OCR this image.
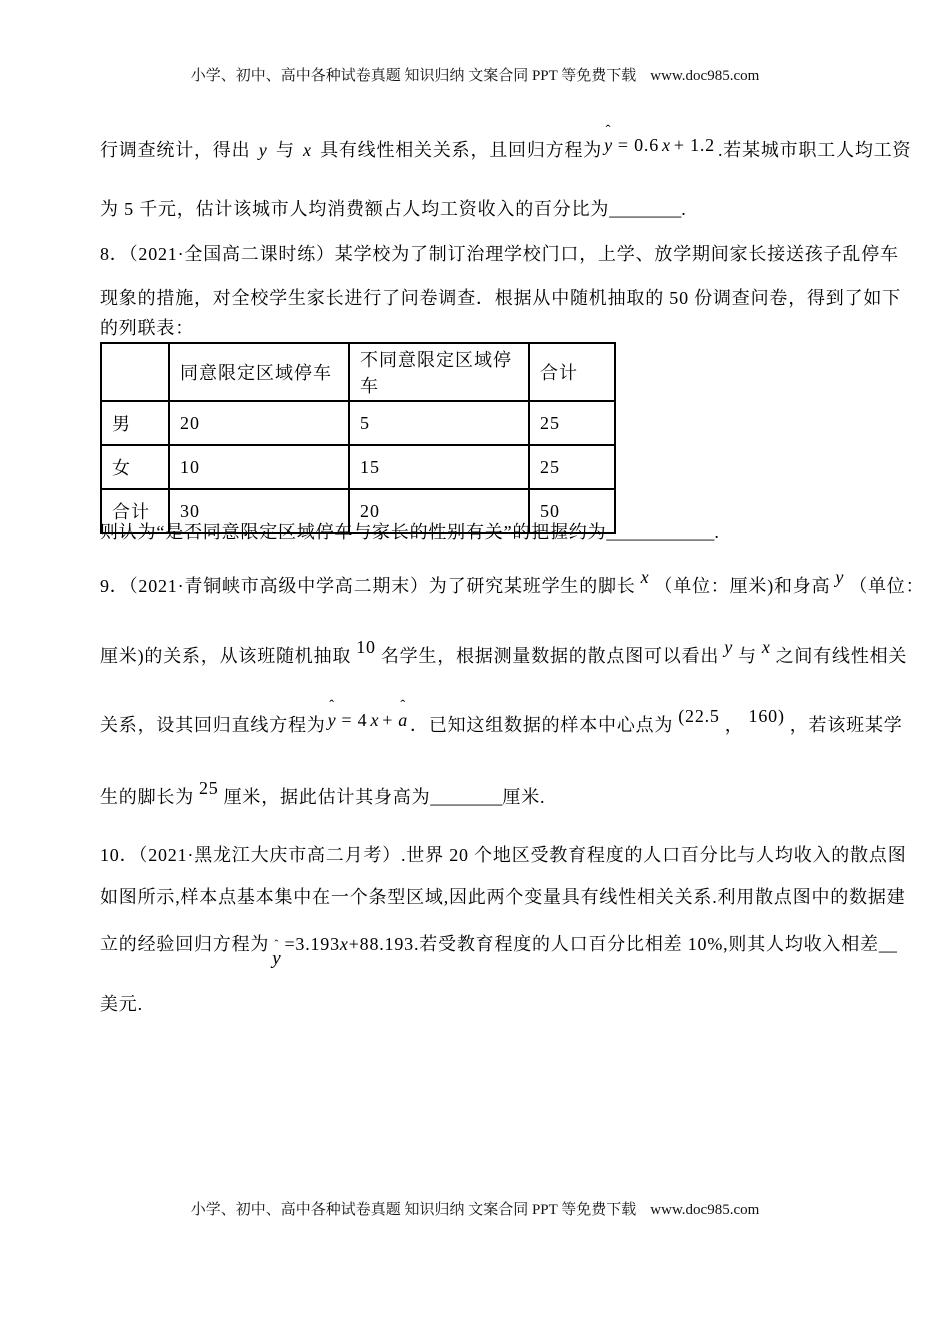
小学、初中、高中各种试卷真题 知识归纳 文案合同 PPT 等免费下载 www.doc985.com
行调查统计，得出 y 与 x 具有线性相关关系，且回归方程为
ˆ
y = 0.6 x + 1.2 .若某城市职工人均工资
为 5 千元，估计该城市人均消费额占人均工资收入的百分比为________.
8．（2021·全国高二课时练）某学校为了制订治理学校门口，上学、放学期间家长接送孩子乱停车
现象的措施，对全校学生家长进行了问卷调查．根据从中随机抽取的 50 份调查问卷，得到了如下
的列联表：
	同意限定区域停车	不同意限定区域停车	合计
男	20	5	25
女	10	15	25
合计	30	20	50
则认为“是否同意限定区域停车与家长的性别有关”的把握约为____________.
9．（2021·青铜峡市高级中学高二期末）为了研究某班学生的脚长 x （单位：厘米)和身高 y （单位：
厘米)的关系，从该班随机抽取 10 名学生，根据测量数据的散点图可以看出 y 与 x 之间有线性相关
关系，设其回归直线方程为
ˆ
y = 4 x +
ˆ
a ．已知这组数据的样本中心点为 (22.5 ， 160) ，若该班某学
生的脚长为 25 厘米，据此估计其身高为________厘米.
10．（2021·黑龙江大庆市高二月考）.世界 20 个地区受教育程度的人口百分比与人均收入的散点图
如图所示,样本点基本集中在一个条型区域,因此两个变量具有线性相关关系.利用散点图中的数据建
立的经验回归方程为 ˆ
y
=3.193x+88.193.若受教育程度的人口百分比相差 10%,则其人均收入相差__
美元.
小学、初中、高中各种试卷真题 知识归纳 文案合同 PPT 等免费下载 www.doc985.com
